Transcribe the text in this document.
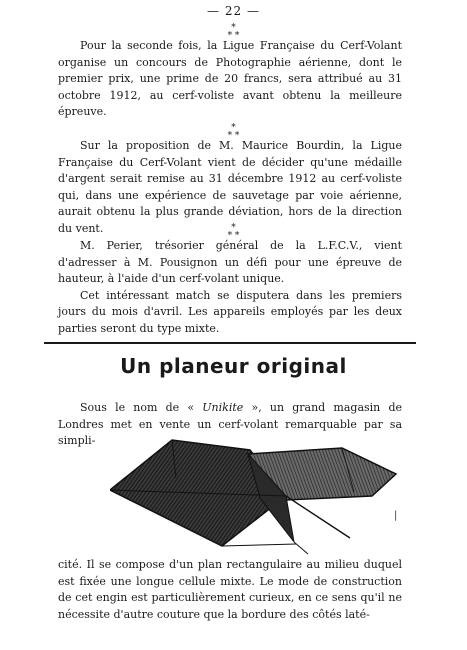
— 22 —
*
* *

Pour la seconde fois, la Ligue Française du Cerf-Volant organise un concours de Photographie aérienne, dont le premier prix, une prime de 20 francs, sera attribué au 31 octobre 1912, au cerf-voliste avant obtenu la meilleure épreuve.

*
* *

Sur la proposition de M. Maurice Bourdin, la Ligue Française du Cerf-Volant vient de décider qu'une médaille d'argent serait remise au 31 décembre 1912 au cerf-voliste qui, dans une expérience de sauvetage par voie aérienne, aurait obtenu la plus grande déviation, hors de la direction du vent.	*
* *

M. Perier, trésorier général de la L.F.C.V., vient d'adresser à M. Pousignon un défi pour une épreuve de hauteur, à l'aide d'un cerf-volant unique.

Cet intéressant match se disputera dans les premiers jours du mois d'avril. Les appareils employés par les deux parties seront du type mixte.

Un planeur original

Sous le nom de « Unikite », un grand magasin de Londres met en vente un cerf-volant remarquable par sa simpli-

cité. Il se compose d'un plan rectangulaire au milieu duquel est fixée une longue cellule mixte. Le mode de construction de cet engin est particulièrement curieux, en ce sens qu'il ne nécessite d'autre couture que la bordure des côtés laté-

|
